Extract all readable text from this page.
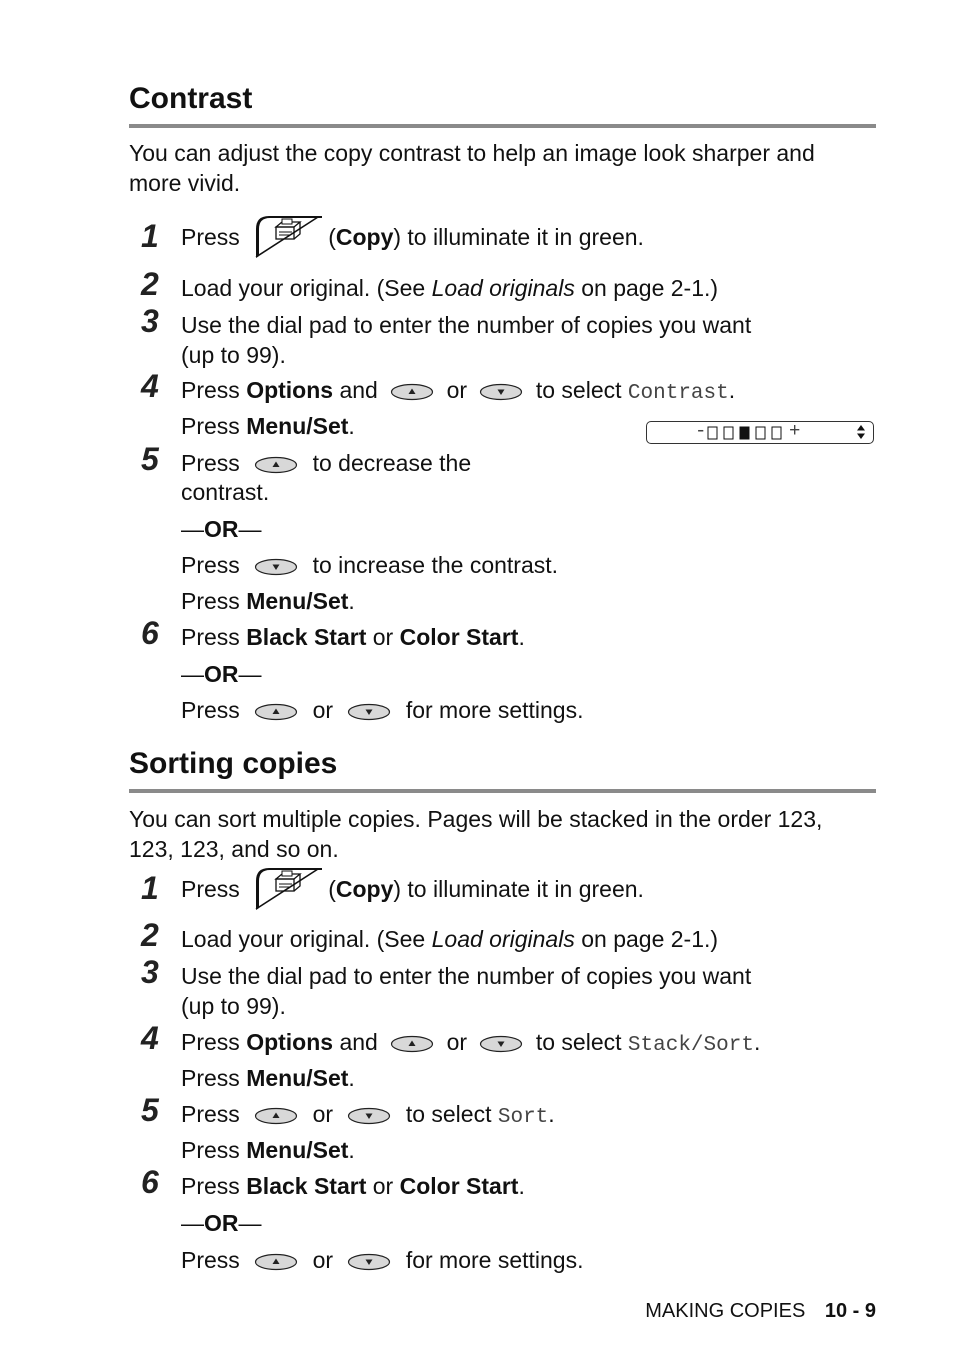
Contrast
You can adjust the copy contrast to help an image look sharper and
more vivid.
1 Press	(Copy) to illuminate it in green.
2 Load your original. (See Load originals on page 2-1.)
3 Use the dial pad to enter the number of copies you want
(up to 99).
4 Press Options and	or	to select Contrast.
Press Menu/Set.	-	+
5 Press	to decrease the
contrast.
—OR—
Press	to increase the contrast.
Press Menu/Set.
6 Press Black Start or Color Start.
—OR—
Press	or	for more settings.
Sorting copies
You can sort multiple copies. Pages will be stacked in the order 123,
123, 123, and so on.
1 Press	(Copy) to illuminate it in green.
2 Load your original. (See Load originals on page 2-1.)
3 Use the dial pad to enter the number of copies you want
(up to 99).
4 Press Options and	or	to select Stack/Sort.
Press Menu/Set.
5 Press	or	to select Sort.
Press Menu/Set.
6 Press Black Start or Color Start.
—OR—
Press	or	for more settings.
MAKING COPIES 10 - 9
